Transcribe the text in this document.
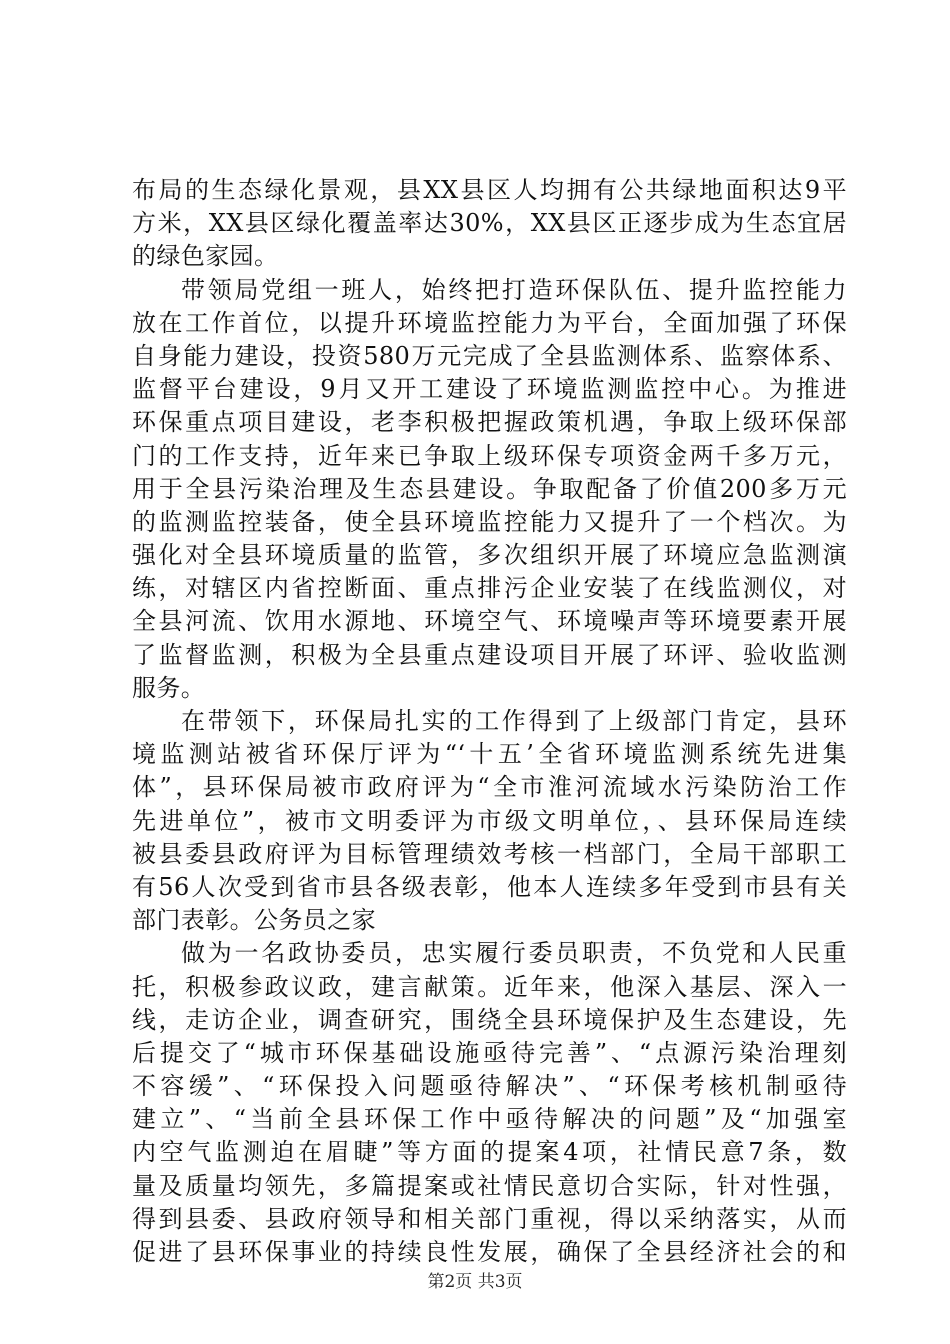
布局的生态绿化景观，县XX县区人均拥有公共绿地面积达9平
方米，XX县区绿化覆盖率达30%，XX县区正逐步成为生态宜居
的绿色家园。
带领局党组一班人，始终把打造环保队伍、提升监控能力
放在工作首位，以提升环境监控能力为平台，全面加强了环保
自身能力建设，投资580万元完成了全县监测体系、监察体系、
监督平台建设，9月又开工建设了环境监测监控中心。为推进
环保重点项目建设，老李积极把握政策机遇，争取上级环保部
门的工作支持，近年来已争取上级环保专项资金两千多万元，
用于全县污染治理及生态县建设。争取配备了价值200多万元
的监测监控装备，使全县环境监控能力又提升了一个档次。为
强化对全县环境质量的监管，多次组织开展了环境应急监测演
练，对辖区内省控断面、重点排污企业安装了在线监测仪，对
全县河流、饮用水源地、环境空气、环境噪声等环境要素开展
了监督监测，积极为全县重点建设项目开展了环评、验收监测
服务。
在带领下，环保局扎实的工作得到了上级部门肯定，县环
境监测站被省环保厅评为“‘十五’全省环境监测系统先进集
体”，县环保局被市政府评为“全市淮河流域水污染防治工作
先进单位”，被市文明委评为市级文明单位，、县环保局连续
被县委县政府评为目标管理绩效考核一档部门，全局干部职工
有56人次受到省市县各级表彰，他本人连续多年受到市县有关
部门表彰。公务员之家
做为一名政协委员，忠实履行委员职责，不负党和人民重
托，积极参政议政，建言献策。近年来，他深入基层、深入一
线，走访企业，调查研究，围绕全县环境保护及生态建设，先
后提交了“城市环保基础设施亟待完善”、“点源污染治理刻
不容缓”、“环保投入问题亟待解决”、“环保考核机制亟待
建立”、“当前全县环保工作中亟待解决的问题”及“加强室
内空气监测迫在眉睫”等方面的提案4项，社情民意7条，数
量及质量均领先，多篇提案或社情民意切合实际，针对性强，
得到县委、县政府领导和相关部门重视，得以采纳落实，从而
促进了县环保事业的持续良性发展，确保了全县经济社会的和
第2页 共3页
